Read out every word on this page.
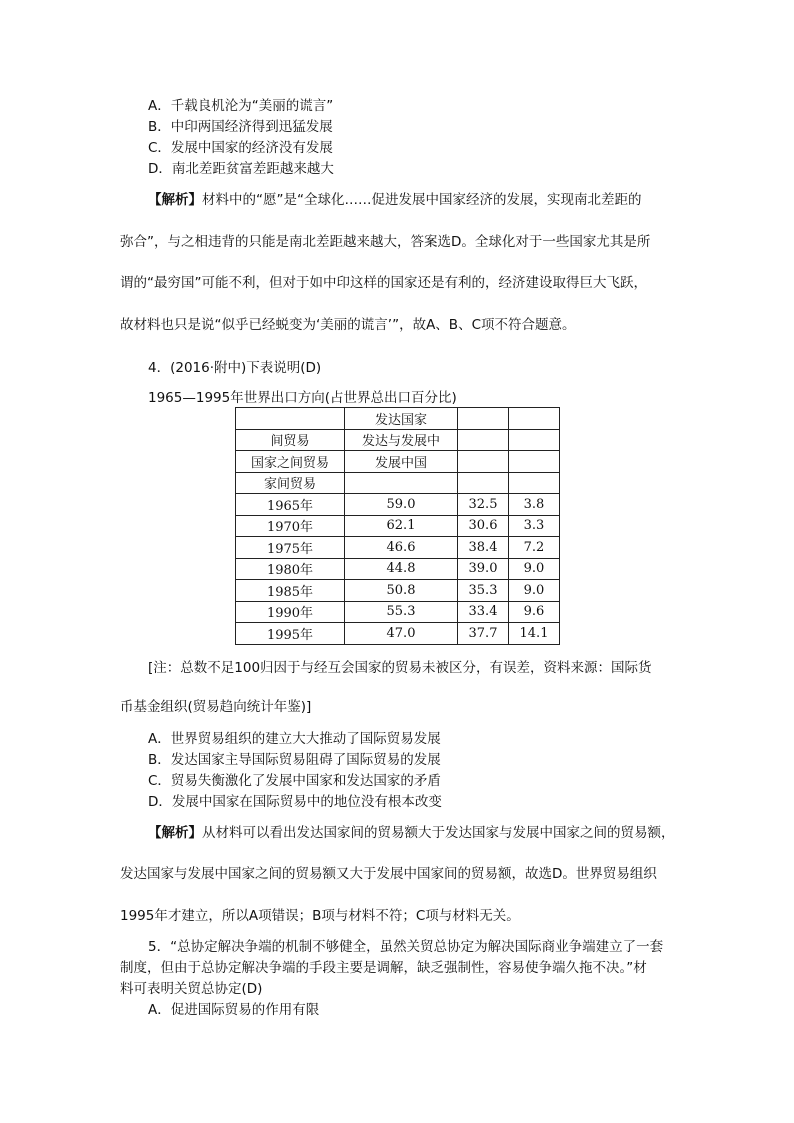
A．千载良机沦为“美丽的谎言”
B．中印两国经济得到迅猛发展
C．发展中国家的经济没有发展
D．南北差距贫富差距越来越大
【解析】材料中的“愿”是“全球化……促进发展中国家经济的发展，实现南北差距的
弥合”，与之相违背的只能是南北差距越来越大，答案选D。全球化对于一些国家尤其是所
谓的“最穷国”可能不利，但对于如中印这样的国家还是有利的，经济建设取得巨大飞跃，
故材料也只是说“似乎已经蜕变为‘美丽的谎言’”，故A、B、C项不符合题意。
4．(2016·附中)下表说明(D)
1965—1995年世界出口方向(占世界总出口百分比)
	发达国家		
间贸易	发达与发展中		
国家之间贸易	发展中国		
家间贸易			
1965年	59.0	32.5	3.8
1970年	62.1	30.6	3.3
1975年	46.6	38.4	7.2
1980年	44.8	39.0	9.0
1985年	50.8	35.3	9.0
1990年	55.3	33.4	9.6
1995年	47.0	37.7	14.1
[注：总数不足100归因于与经互会国家的贸易未被区分，有误差，资料来源：国际货
币基金组织(贸易趋向统计年鉴)]
A．世界贸易组织的建立大大推动了国际贸易发展
B．发达国家主导国际贸易阻碍了国际贸易的发展
C．贸易失衡激化了发展中国家和发达国家的矛盾
D．发展中国家在国际贸易中的地位没有根本改变
【解析】从材料可以看出发达国家间的贸易额大于发达国家与发展中国家之间的贸易额，
发达国家与发展中国家之间的贸易额又大于发展中国家间的贸易额，故选D。世界贸易组织
1995年才建立，所以A项错误；B项与材料不符；C项与材料无关。
5．“总协定解决争端的机制不够健全，虽然关贸总协定为解决国际商业争端建立了一套
制度，但由于总协定解决争端的手段主要是调解，缺乏强制性，容易使争端久拖不决。”材
料可表明关贸总协定(D)
A．促进国际贸易的作用有限
